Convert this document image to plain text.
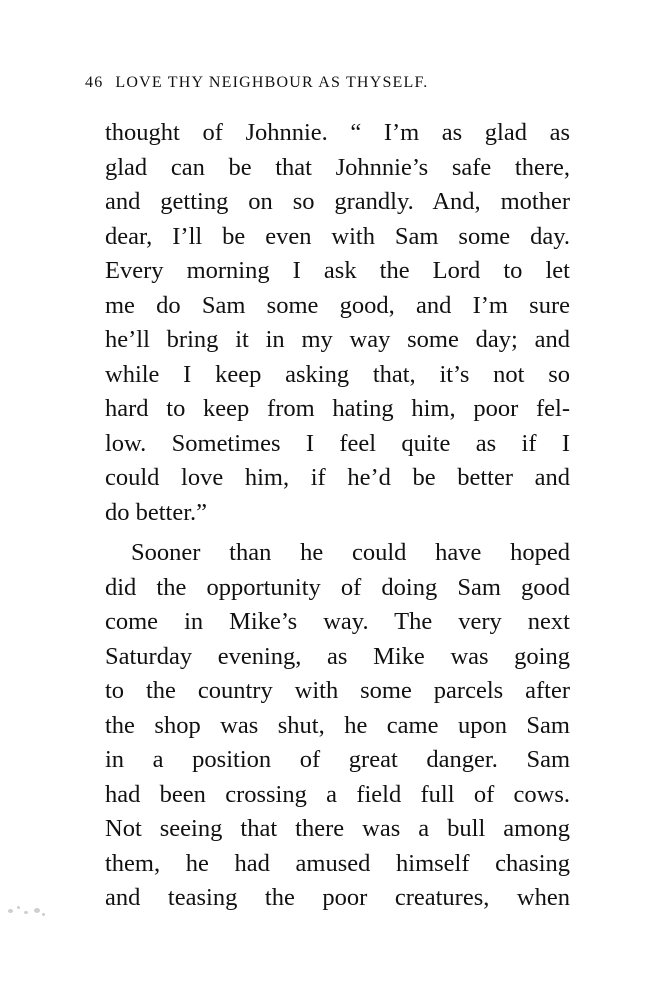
46 LOVE THY NEIGHBOUR AS THYSELF.
thought of Johnnie. “ I’m as glad as
glad can be that Johnnie’s safe there,
and getting on so grandly. And, mother
dear, I’ll be even with Sam some day.
Every morning I ask the Lord to let
me do Sam some good, and I’m sure
he’ll bring it in my way some day; and
while I keep asking that, it’s not so
hard to keep from hating him, poor fel-
low. Sometimes I feel quite as if I
could love him, if he’d be better and
do better.”
Sooner than he could have hoped
did the opportunity of doing Sam good
come in Mike’s way. The very next
Saturday evening, as Mike was going
to the country with some parcels after
the shop was shut, he came upon Sam
in a position of great danger. Sam
had been crossing a field full of cows.
Not seeing that there was a bull among
them, he had amused himself chasing
and teasing the poor creatures, when
